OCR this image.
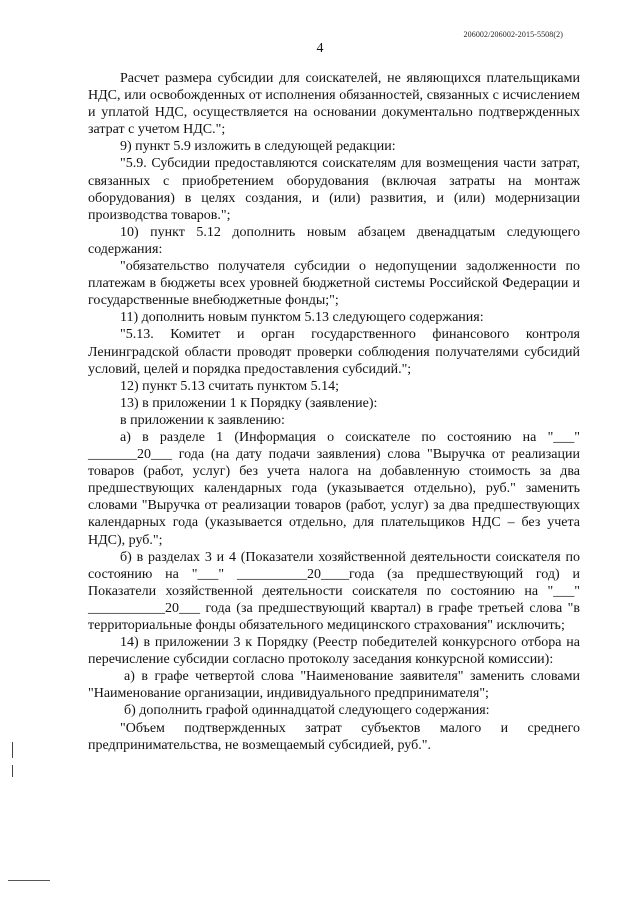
206002/206002-2015-5508(2)
4

Расчет размера субсидии для соискателей, не являющихся плательщиками НДС, или освобожденных от исполнения обязанностей, связанных с исчислением и уплатой НДС, осуществляется на основании документально подтвержденных затрат с учетом НДС.";

9) пункт 5.9 изложить в следующей редакции:

"5.9. Субсидии предоставляются соискателям для возмещения части затрат, связанных с приобретением оборудования (включая затраты на монтаж оборудования) в целях создания, и (или) развития, и (или) модернизации производства товаров.";

10) пункт 5.12 дополнить новым абзацем двенадцатым следующего содержания:

"обязательство получателя субсидии о недопущении задолженности по платежам в бюджеты всех уровней бюджетной системы Российской Федерации и государственные внебюджетные фонды;";

11) дополнить новым пунктом 5.13 следующего содержания:

"5.13. Комитет и орган государственного финансового контроля Ленинградской области проводят проверки соблюдения получателями субсидий условий, целей и порядка предоставления субсидий.";

12) пункт 5.13 считать пунктом 5.14;

13) в приложении 1 к Порядку (заявление):

в приложении к заявлению:

а) в разделе 1 (Информация о соискателе по состоянию на "___" _______20___ года (на дату подачи заявления) слова "Выручка от реализации товаров (работ, услуг) без учета налога на добавленную стоимость за два предшествующих календарных года (указывается отдельно), руб." заменить словами "Выручка от реализации товаров (работ, услуг) за два предшествующих календарных года (указывается отдельно, для плательщиков НДС – без учета НДС), руб.";

б) в разделах 3 и 4 (Показатели хозяйственной деятельности соискателя по состоянию на "___" __________20____года (за предшествующий год) и Показатели хозяйственной деятельности соискателя по состоянию на "___" ___________20___ года (за предшествующий квартал) в графе третьей слова "в территориальные фонды обязательного медицинского страхования" исключить;

14) в приложении 3 к Порядку (Реестр победителей конкурсного отбора на перечисление субсидии согласно протоколу заседания конкурсной комиссии):

а) в графе четвертой слова "Наименование заявителя" заменить словами "Наименование организации, индивидуального предпринимателя";

б) дополнить графой одиннадцатой следующего содержания:

"Объем подтвержденных затрат субъектов малого и среднего предпринимательства, не возмещаемый субсидией, руб.".
